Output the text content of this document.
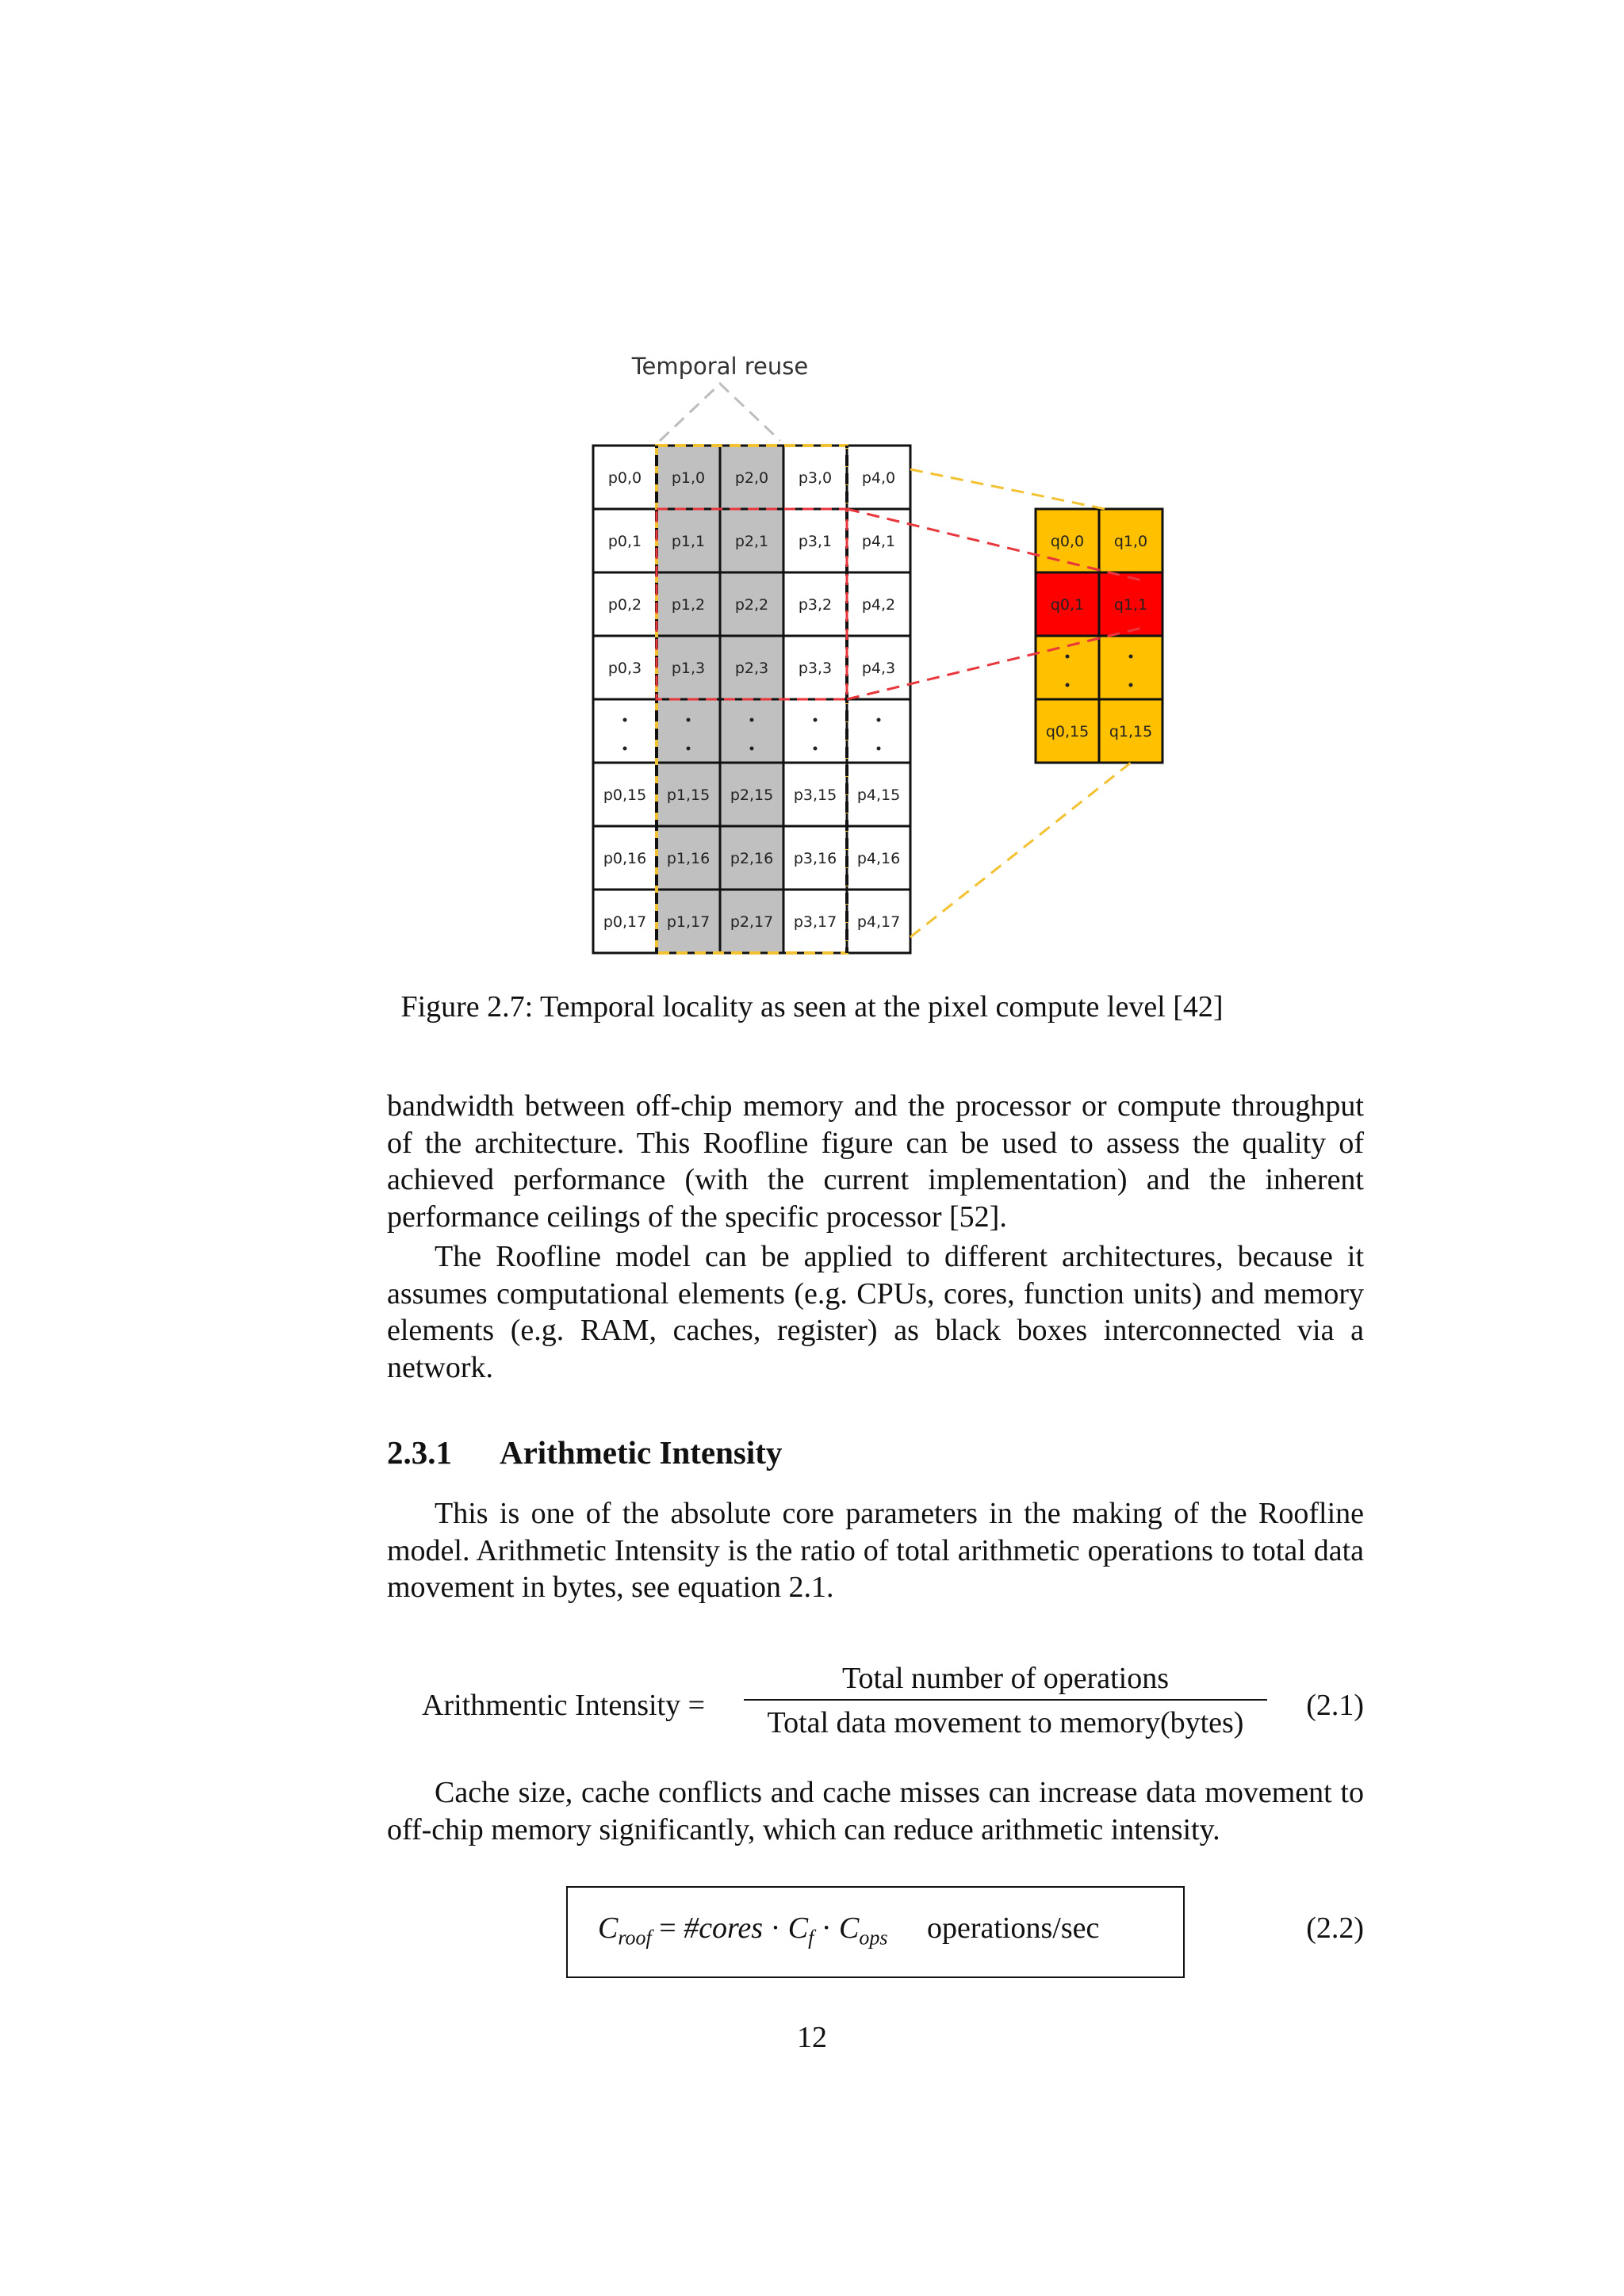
Temporal reuse
p0,0 p1,0 p2,0 p3,0 p4,0
p0,1 p1,1 p2,1 p3,1 p4,1
p0,2 p1,2 p2,2 p3,2 p4,2
p0,3 p1,3 p2,3 p3,3 p4,3
p0,15 p1,15 p2,15 p3,15 p4,15
p0,16 p1,16 p2,16 p3,16 p4,16
p0,17 p1,17 p2,17 p3,17 p4,17
q0,0 q1,0
q0,1 q1,1
q0,15 q1,15
Figure 2.7: Temporal locality as seen at the pixel compute level [42]

bandwidth between off-chip memory and the processor or compute throughput of the architecture. This Roofline figure can be used to assess the quality of achieved performance (with the current implementation) and the inherent performance ceilings of the specific processor [52].

The Roofline model can be applied to different architectures, because it assumes computational elements (e.g. CPUs, cores, function units) and memory elements (e.g. RAM, caches, register) as black boxes interconnected via a network.

2.3.1 Arithmetic Intensity

This is one of the absolute core parameters in the making of the Roofline model. Arithmetic Intensity is the ratio of total arithmetic operations to total data movement in bytes, see equation 2.1.

Arithmentic Intensity =
Total number of operations
Total data movement to memory(bytes)
(2.1)

Cache size, cache conflicts and cache misses can increase data movement to off-chip memory significantly, which can reduce arithmetic intensity.

$C_{roof}$ = #cores · $C_f \cdot C_{ops}$ operations/sec	(2.2)
12
